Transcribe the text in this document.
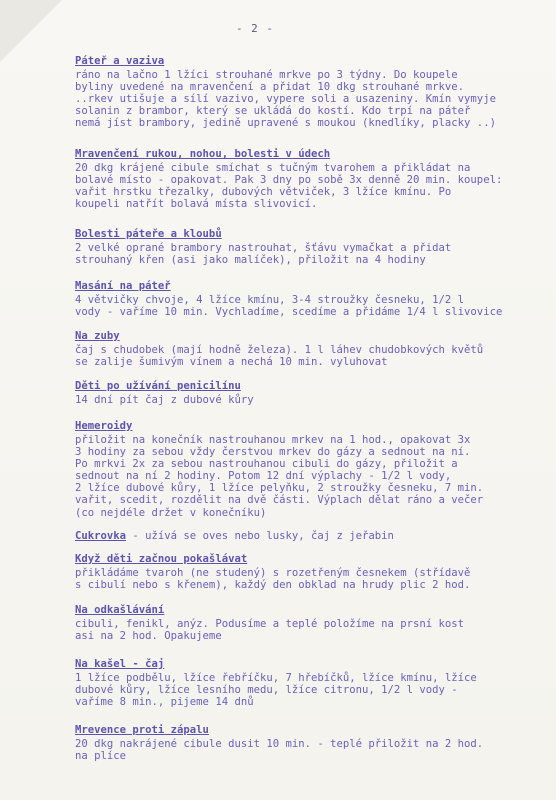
- 2 -
Páteř a vaziva
ráno na lačno 1 lžíci strouhané mrkve po 3 týdny. Do koupele
byliny uvedené na mravenčení a přidat 10 dkg strouhané mrkve.
..rkev utišuje a sílí vazivo, vypere soli a usazeniny. Kmín vymyje
solanin z brambor, který se ukládá do kostí. Kdo trpí na páteř
nemá jíst brambory, jedině upravené s moukou (knedlíky, placky ..)
Mravenčení rukou, nohou, bolesti v údech
20 dkg krájené cibule smíchat s tučným tvarohem a přikládat na
bolavé místo - opakovat. Pak 3 dny po sobě 3x denně 20 min. koupel:
vařit hrstku třezalky, dubových větviček, 3 lžíce kmínu. Po
koupeli natřít bolavá místa slivovicí.
Bolesti páteře a kloubů
2 velké oprané brambory nastrouhat, šťávu vymačkat a přidat
strouhaný křen (asi jako malíček), přiložit na 4 hodiny
Masání na páteř
4 větvičky chvoje, 4 lžíce kmínu, 3-4 stroužky česneku, 1/2 l
vody - vaříme 10 min. Vychladíme, scedíme a přidáme 1/4 l slivovice
Na zuby
čaj s chudobek (mají hodně železa). 1 l láhev chudobkových květů
se zalije šumivým vínem a nechá 10 min. vyluhovat
Děti po užívání penicilínu
14 dní pít čaj z dubové kůry
Hemeroidy
přiložit na konečník nastrouhanou mrkev na 1 hod., opakovat 3x
3 hodiny za sebou vždy čerstvou mrkev do gázy a sednout na ní.
Po mrkvi 2x za sebou nastrouhanou cibuli do gázy, přiložit a
sednout na ní 2 hodiny. Potom 12 dní výplachy - 1/2 l vody,
2 lžíce dubové kůry, 1 lžíce pelyňku, 2 stroužky česneku, 7 min.
vařit, scedit, rozdělit na dvě části. Výplach dělat ráno a večer
(co nejdéle držet v konečníku)
Cukrovka - užívá se oves nebo lusky, čaj z jeřabin
Když děti začnou pokašlávat
přikládáme tvaroh (ne studený) s rozetřeným česnekem (střídavě
s cibulí nebo s křenem), každý den obklad na hrudy plic 2 hod.
Na odkašlávání
cibuli, fenikl, anýz. Podusíme a teplé položíme na prsní kost
asi na 2 hod. Opakujeme
Na kašel - čaj
1 lžíce podbělu, lžíce řebříčku, 7 hřebíčků, lžíce kmínu, lžíce
dubové kůry, lžíce lesního medu, lžíce citronu, 1/2 l vody -
vaříme 8 min., pijeme 14 dnů
Mrevence proti zápalu
20 dkg nakrájené cibule dusit 10 min. - teplé přiložit na 2 hod.
na plíce
